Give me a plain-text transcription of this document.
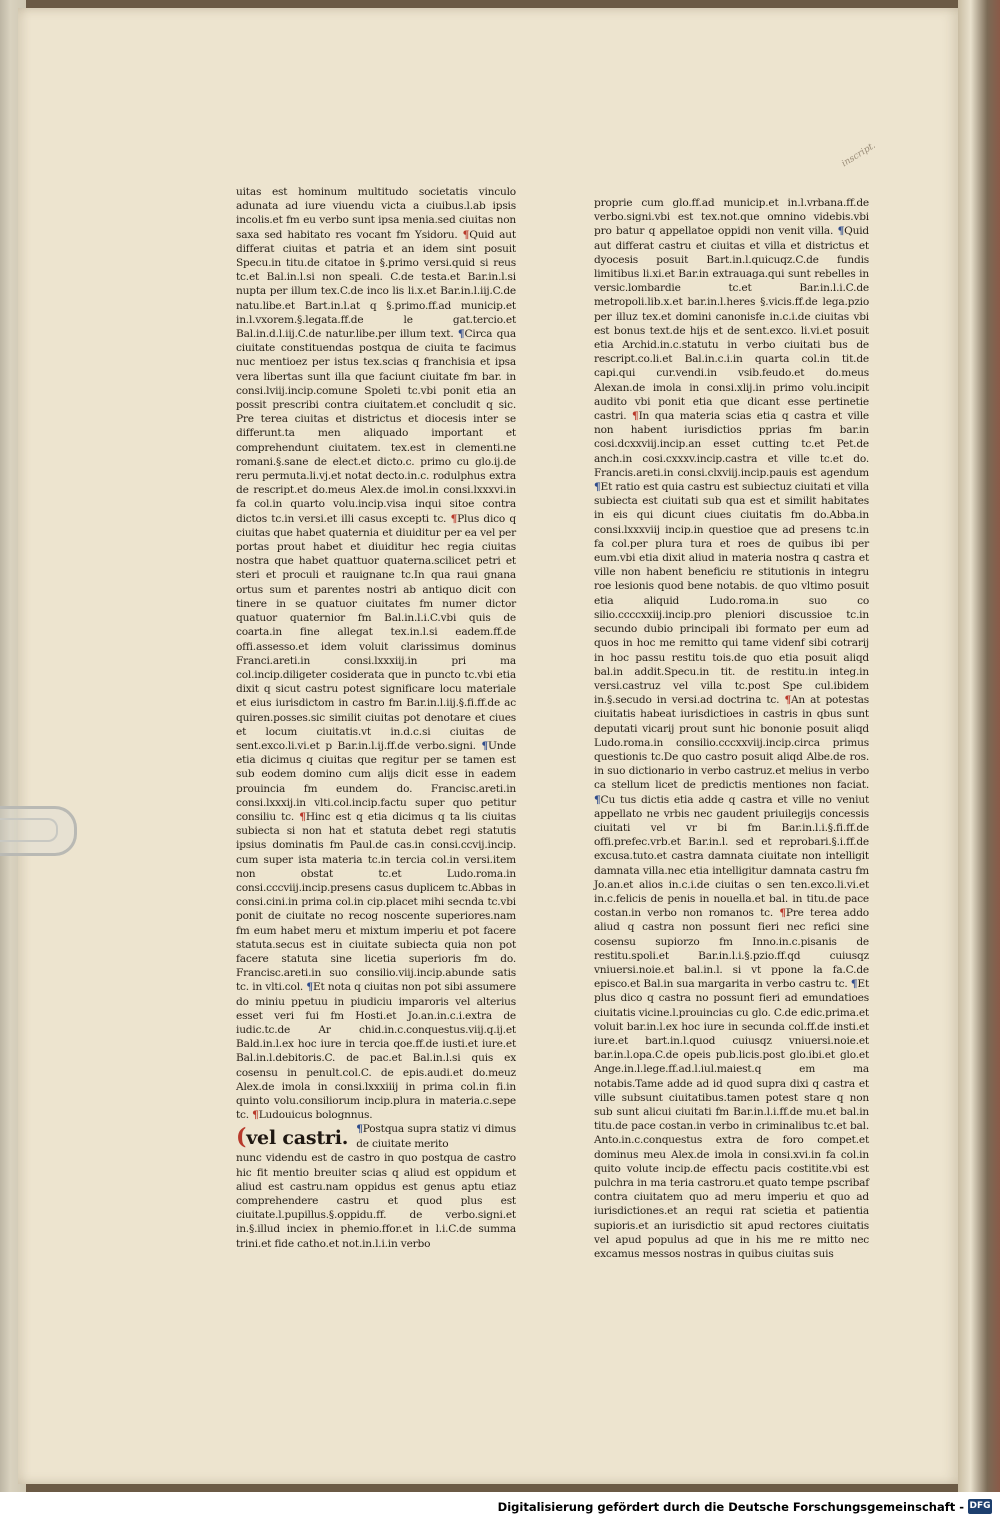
inscript.
uitas est hominum multitudo societatis vinculo adunata ad iure viuendu victa a ciuibus.l.ab ipsis incolis.et fm eu verbo sunt ipsa menia.sed ciuitas non saxa sed habitato res vocant fm Ysidoru. ¶Quid aut differat ciuitas et patria et an idem sint posuit Specu.in titu.de citatoe in §.primo versi.quid si reus tc.et Bal.in.l.si non speali. C.de testa.et Bar.in.l.si nupta per illum tex.C.de inco lis li.x.et Bar.in.l.iij.C.de natu.libe.et Bart.in.l.at q §.primo.ff.ad municip.et in.l.vxorem.§.legata.ff.de le gat.tercio.et Bal.in.d.l.iij.C.de natur.libe.per illum text. ¶Circa qua ciuitate constituendas postqua de ciuita te facimus nuc mentioez per istus tex.scias q franchisia et ipsa vera libertas sunt illa que faciunt ciuitate fm bar. in consi.lviij.incip.comune Spoleti tc.vbi ponit etia an possit prescribi contra ciuitatem.et concludit q sic. Pre terea ciuitas et districtus et diocesis inter se differunt.ta men aliquado important et comprehendunt ciuitatem. tex.est in clementi.ne romani.§.sane de elect.et dicto.c. primo cu glo.ij.de reru permuta.li.vj.et notat decto.in.c. rodulphus extra de rescript.et do.meus Alex.de imol.in consi.lxxxvi.in fa col.in quarto volu.incip.visa inqui sitoe contra dictos tc.in versi.et illi casus excepti tc. ¶Plus dico q ciuitas que habet quaternia et diuiditur per ea vel per portas prout habet et diuiditur hec regia ciuitas nostra que habet quattuor quaterna.scilicet petri et steri et proculi et rauignane tc.In qua raui gnana ortus sum et parentes nostri ab antiquo dicit con tinere in se quatuor ciuitates fm numer dictor quatuor quaternior fm Bal.in.l.i.C.vbi quis de coarta.in fine allegat tex.in.l.si eadem.ff.de offi.assesso.et idem voluit clarissimus dominus Franci.areti.in consi.lxxxiij.in pri ma col.incip.diligeter cosiderata que in puncto tc.vbi etia dixit q sicut castru potest significare locu materiale et eius iurisdictom in castro fm Bar.in.l.iij.§.fi.ff.de ac quiren.posses.sic similit ciuitas pot denotare et ciues et locum ciuitatis.vt in.d.c.si ciuitas de sent.exco.li.vi.et p Bar.in.l.ij.ff.de verbo.signi. ¶Unde etia dicimus q ciuitas que regitur per se tamen est sub eodem domino cum alijs dicit esse in eadem prouincia fm eundem do. Francisc.areti.in consi.lxxxij.in vlti.col.incip.factu super quo petitur consiliu tc. ¶Hinc est q etia dicimus q ta lis ciuitas subiecta si non hat et statuta debet regi statutis ipsius dominatis fm Paul.de cas.in consi.ccvij.incip. cum super ista materia tc.in tercia col.in versi.item non obstat tc.et Ludo.roma.in consi.cccviij.incip.presens casus duplicem tc.Abbas in consi.cini.in prima col.in cip.placet mihi secnda tc.vbi ponit de ciuitate no recog noscente superiores.nam fm eum habet meru et mixtum imperiu et pot facere statuta.secus est in ciuitate subiecta quia non pot facere statuta sine licetia superioris fm do. Francisc.areti.in suo consilio.viij.incip.abunde satis tc. in vlti.col. ¶Et nota q ciuitas non pot sibi assumere do miniu ppetuu in piudiciu imparoris vel alterius esset veri fui fm Hosti.et Jo.an.in.c.i.extra de iudic.tc.de Ar chid.in.c.conquestus.viij.q.ij.et Bald.in.l.ex hoc iure in tercia qoe.ff.de iusti.et iure.et Bal.in.l.debitoris.C. de pac.et Bal.in.l.si quis ex cosensu in penult.col.C. de epis.audi.et do.meuz Alex.de imola in consi.lxxxiiij in prima col.in fi.in quinto volu.consiliorum incip.plura in materia.c.sepe tc. ¶Ludouicus bolognnus.
(vel castri. ¶Postqua supra statiz vi dimus de ciuitate merito
nunc videndu est de castro in quo postqua de castro hic fit mentio breuiter scias q aliud est oppidum et aliud est castru.nam oppidus est genus aptu etiaz comprehendere castru et quod plus est ciuitate.l.pupillus.§.oppidu.ff. de verbo.signi.et in.§.illud inciex in phemio.ffor.et in l.i.C.de summa trini.et fide catho.et not.in.l.i.in verbo
proprie cum glo.ff.ad municip.et in.l.vrbana.ff.de verbo.signi.vbi est tex.not.que omnino videbis.vbi pro batur q appellatoe oppidi non venit villa. ¶Quid aut differat castru et ciuitas et villa et districtus et dyocesis posuit Bart.in.l.quicuqz.C.de fundis limitibus li.xi.et Bar.in extrauaga.qui sunt rebelles in versic.lombardie tc.et Bar.in.l.i.C.de metropoli.lib.x.et bar.in.l.heres §.vicis.ff.de lega.pzio per illuz tex.et domini canonisfe in.c.i.de ciuitas vbi est bonus text.de hijs et de sent.exco. li.vi.et posuit etia Archid.in.c.statutu in verbo ciuitati bus de rescript.co.li.et Bal.in.c.i.in quarta col.in tit.de capi.qui cur.vendi.in vsib.feudo.et do.meus Alexan.de imola in consi.xlij.in primo volu.incipit audito vbi ponit etia que dicant esse pertinetie castri. ¶In qua materia scias etia q castra et ville non habent iurisdictios pprias fm bar.in cosi.dcxxviij.incip.an esset cutting tc.et Pet.de anch.in cosi.cxxxv.incip.castra et ville tc.et do. Francis.areti.in consi.clxviij.incip.pauis est agendum ¶Et ratio est quia castru est subiectuz ciuitati et villa subiecta est ciuitati sub qua est et similit habitates in eis qui dicunt ciues ciuitatis fm do.Abba.in consi.lxxxviij incip.in questioe que ad presens tc.in fa col.per plura tura et roes de quibus ibi per eum.vbi etia dixit aliud in materia nostra q castra et ville non habent beneficiu re stitutionis in integru roe lesionis quod bene notabis. de quo vltimo posuit etia aliquid Ludo.roma.in suo co silio.ccccxxiij.incip.pro pleniori discussioe tc.in secundo dubio principali ibi formato per eum ad quos in hoc me remitto qui tame videnf sibi cotrarij in hoc passu restitu tois.de quo etia posuit aliqd bal.in addit.Specu.in tit. de restitu.in integ.in versi.castruz vel villa tc.post Spe cul.ibidem in.§.secudo in versi.ad doctrina tc. ¶An at potestas ciuitatis habeat iurisdictioes in castris in qbus sunt deputati vicarij prout sunt hic bononie posuit aliqd Ludo.roma.in consilio.cccxxviij.incip.circa primus questionis tc.De quo castro posuit aliqd Albe.de ros. in suo dictionario in verbo castruz.et melius in verbo ca stellum licet de predictis mentiones non faciat. ¶Cu tus dictis etia adde q castra et ville no veniut appellato ne vrbis nec gaudent priuilegijs concessis ciuitati vel vr bi fm Bar.in.l.i.§.fi.ff.de offi.prefec.vrb.et Bar.in.l. sed et reprobari.§.i.ff.de excusa.tuto.et castra damnata ciuitate non intelligit damnata villa.nec etia intelligitur damnata castru fm Jo.an.et alios in.c.i.de ciuitas o sen ten.exco.li.vi.et in.c.felicis de penis in nouella.et bal. in titu.de pace costan.in verbo non romanos tc. ¶Pre terea addo aliud q castra non possunt fieri nec refici sine cosensu supiorzo fm Inno.in.c.pisanis de restitu.spoli.et Bar.in.l.i.§.pzio.ff.qd cuiusqz vniuersi.noie.et bal.in.l. si vt ppone la fa.C.de episco.et Bal.in sua margarita in verbo castru tc. ¶Et plus dico q castra no possunt fieri ad emundatioes ciuitatis vicine.l.prouincias cu glo. C.de edic.prima.et voluit bar.in.l.ex hoc iure in secunda col.ff.de insti.et iure.et bart.in.l.quod cuiusqz vniuersi.noie.et bar.in.l.opa.C.de opeis pub.licis.post glo.ibi.et glo.et Ange.in.l.lege.ff.ad.l.iul.maiest.q em ma notabis.Tame adde ad id quod supra dixi q castra et ville subsunt ciuitatibus.tamen potest stare q non sub sunt alicui ciuitati fm Bar.in.l.i.ff.de mu.et bal.in titu.de pace costan.in verbo in criminalibus tc.et bal. Anto.in.c.conquestus extra de foro compet.et dominus meu Alex.de imola in consi.xvi.in fa col.in quito volute incip.de effectu pacis costitite.vbi est pulchra in ma teria castroru.et quato tempe pscribaf contra ciuitatem quo ad meru imperiu et quo ad iurisdictiones.et an requi rat scietia et patientia supioris.et an iurisdictio sit apud rectores ciuitatis vel apud populus ad que in his me re mitto nec excamus messos nostras in quibus ciuitas suis
Digitalisierung gefördert durch die Deutsche Forschungsgemeinschaft - DFG
